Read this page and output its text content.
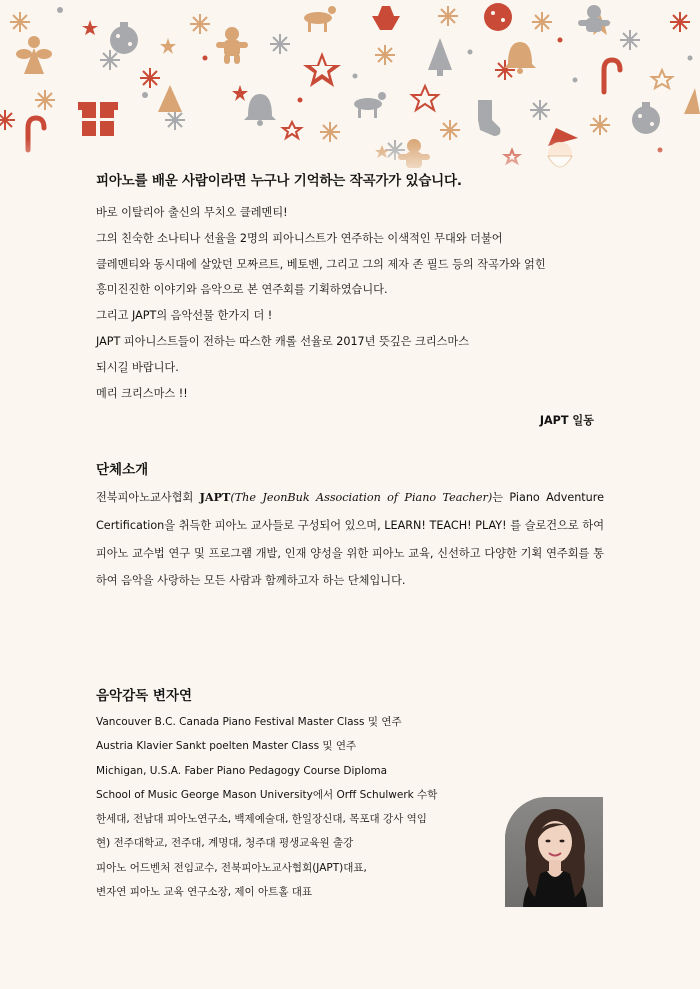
피아노를 배운 사람이라면 누구나 기억하는 작곡가가 있습니다.

바로 이탈리아 출신의 무치오 클레멘티!

그의 친숙한 소나티나 선율을 2명의 피아니스트가 연주하는 이색적인 무대와 더불어

클레멘티와 동시대에 살았던 모짜르트, 베토벤, 그리고 그의 제자 존 필드 등의 작곡가와 얽힌

흥미진진한 이야기와 음악으로 본 연주회를 기획하였습니다.

그리고 JAPT의 음악선물 한가지 더 !

JAPT 피아니스트들이 전하는 따스한 캐롤 선율로 2017년 뜻깊은 크리스마스

되시길 바랍니다.

메리 크리스마스 !!

JAPT 일동
단체소개

전북피아노교사협회 JAPT(The JeonBuk Association of Piano Teacher)는 Piano Adventure Certification을 취득한 피아노 교사들로 구성되어 있으며, LEARN! TEACH! PLAY! 를 슬로건으로 하여 피아노 교수법 연구 및 프로그램 개발, 인재 양성을 위한 피아노 교육, 신선하고 다양한 기획 연주회를 통하여 음악을 사랑하는 모든 사람과 함께하고자 하는 단체입니다.

음악감독 변자연

Vancouver B.C. Canada Piano Festival Master Class 및 연주

Austria Klavier Sankt poelten Master Class 및 연주

Michigan, U.S.A. Faber Piano Pedagogy Course Diploma

School of Music George Mason University에서 Orff Schulwerk 수학

한세대, 전남대 피아노연구소, 백제예술대, 한일장신대, 목포대 강사 역임

현) 전주대학교, 전주대, 계명대, 청주대 평생교육원 출강

피아노 어드벤처 전임교수, 전북피아노교사협회(JAPT)대표,

변자연 피아노 교육 연구소장, 제이 아트홀 대표
